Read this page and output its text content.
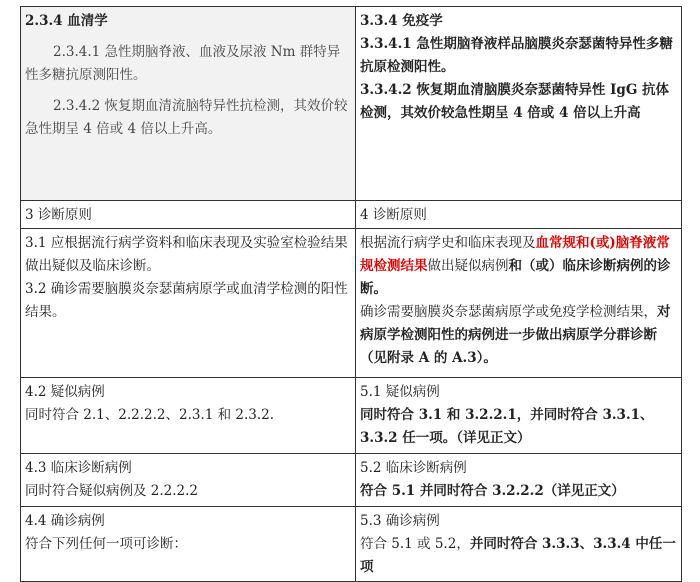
2.3.4 血清学

2.3.4.1 急性期脑脊液、血液及尿液 Nm 群特异性多糖抗原测阳性。

2.3.4.2 恢复期血清流脑特异性抗检测，其效价较急性期呈 4 倍或 4 倍以上升高。

3.3.4 免疫学

3.3.4.1 急性期脑脊液样品脑膜炎奈瑟菌特异性多糖抗原检测阳性。

3.3.4.2 恢复期血清脑膜炎奈瑟菌特异性 IgG 抗体检测，其效价较急性期呈 4 倍或 4 倍以上升高

3 诊断原则	4 诊断原则

3.1 应根据流行病学资料和临床表现及实验室检验结果做出疑似及临床诊断。

3.2 确诊需要脑膜炎奈瑟菌病原学或血清学检测的阳性结果。

根据流行病学史和临床表现及血常规和(或)脑脊液常规检测结果做出疑似病例和（或）临床诊断病例的诊断。

确诊需要脑膜炎奈瑟菌病原学或免疫学检测结果，对病原学检测阳性的病例进一步做出病原学分群诊断（见附录 A 的 A.3）。

4.2 疑似病例

同时符合 2.1、2.2.2.2、2.3.1 和 2.3.2.

5.1 疑似病例

同时符合 3.1 和 3.2.2.1，并同时符合 3.3.1、3.3.2 任一项。（详见正文）

4.3 临床诊断病例

同时符合疑似病例及 2.2.2.2

5.2 临床诊断病例

符合 5.1 并同时符合 3.2.2.2（详见正文）

4.4 确诊病例

符合下列任何一项可诊断：

5.3 确诊病例

符合 5.1 或 5.2，并同时符合 3.3.3、3.3.4 中任一项
